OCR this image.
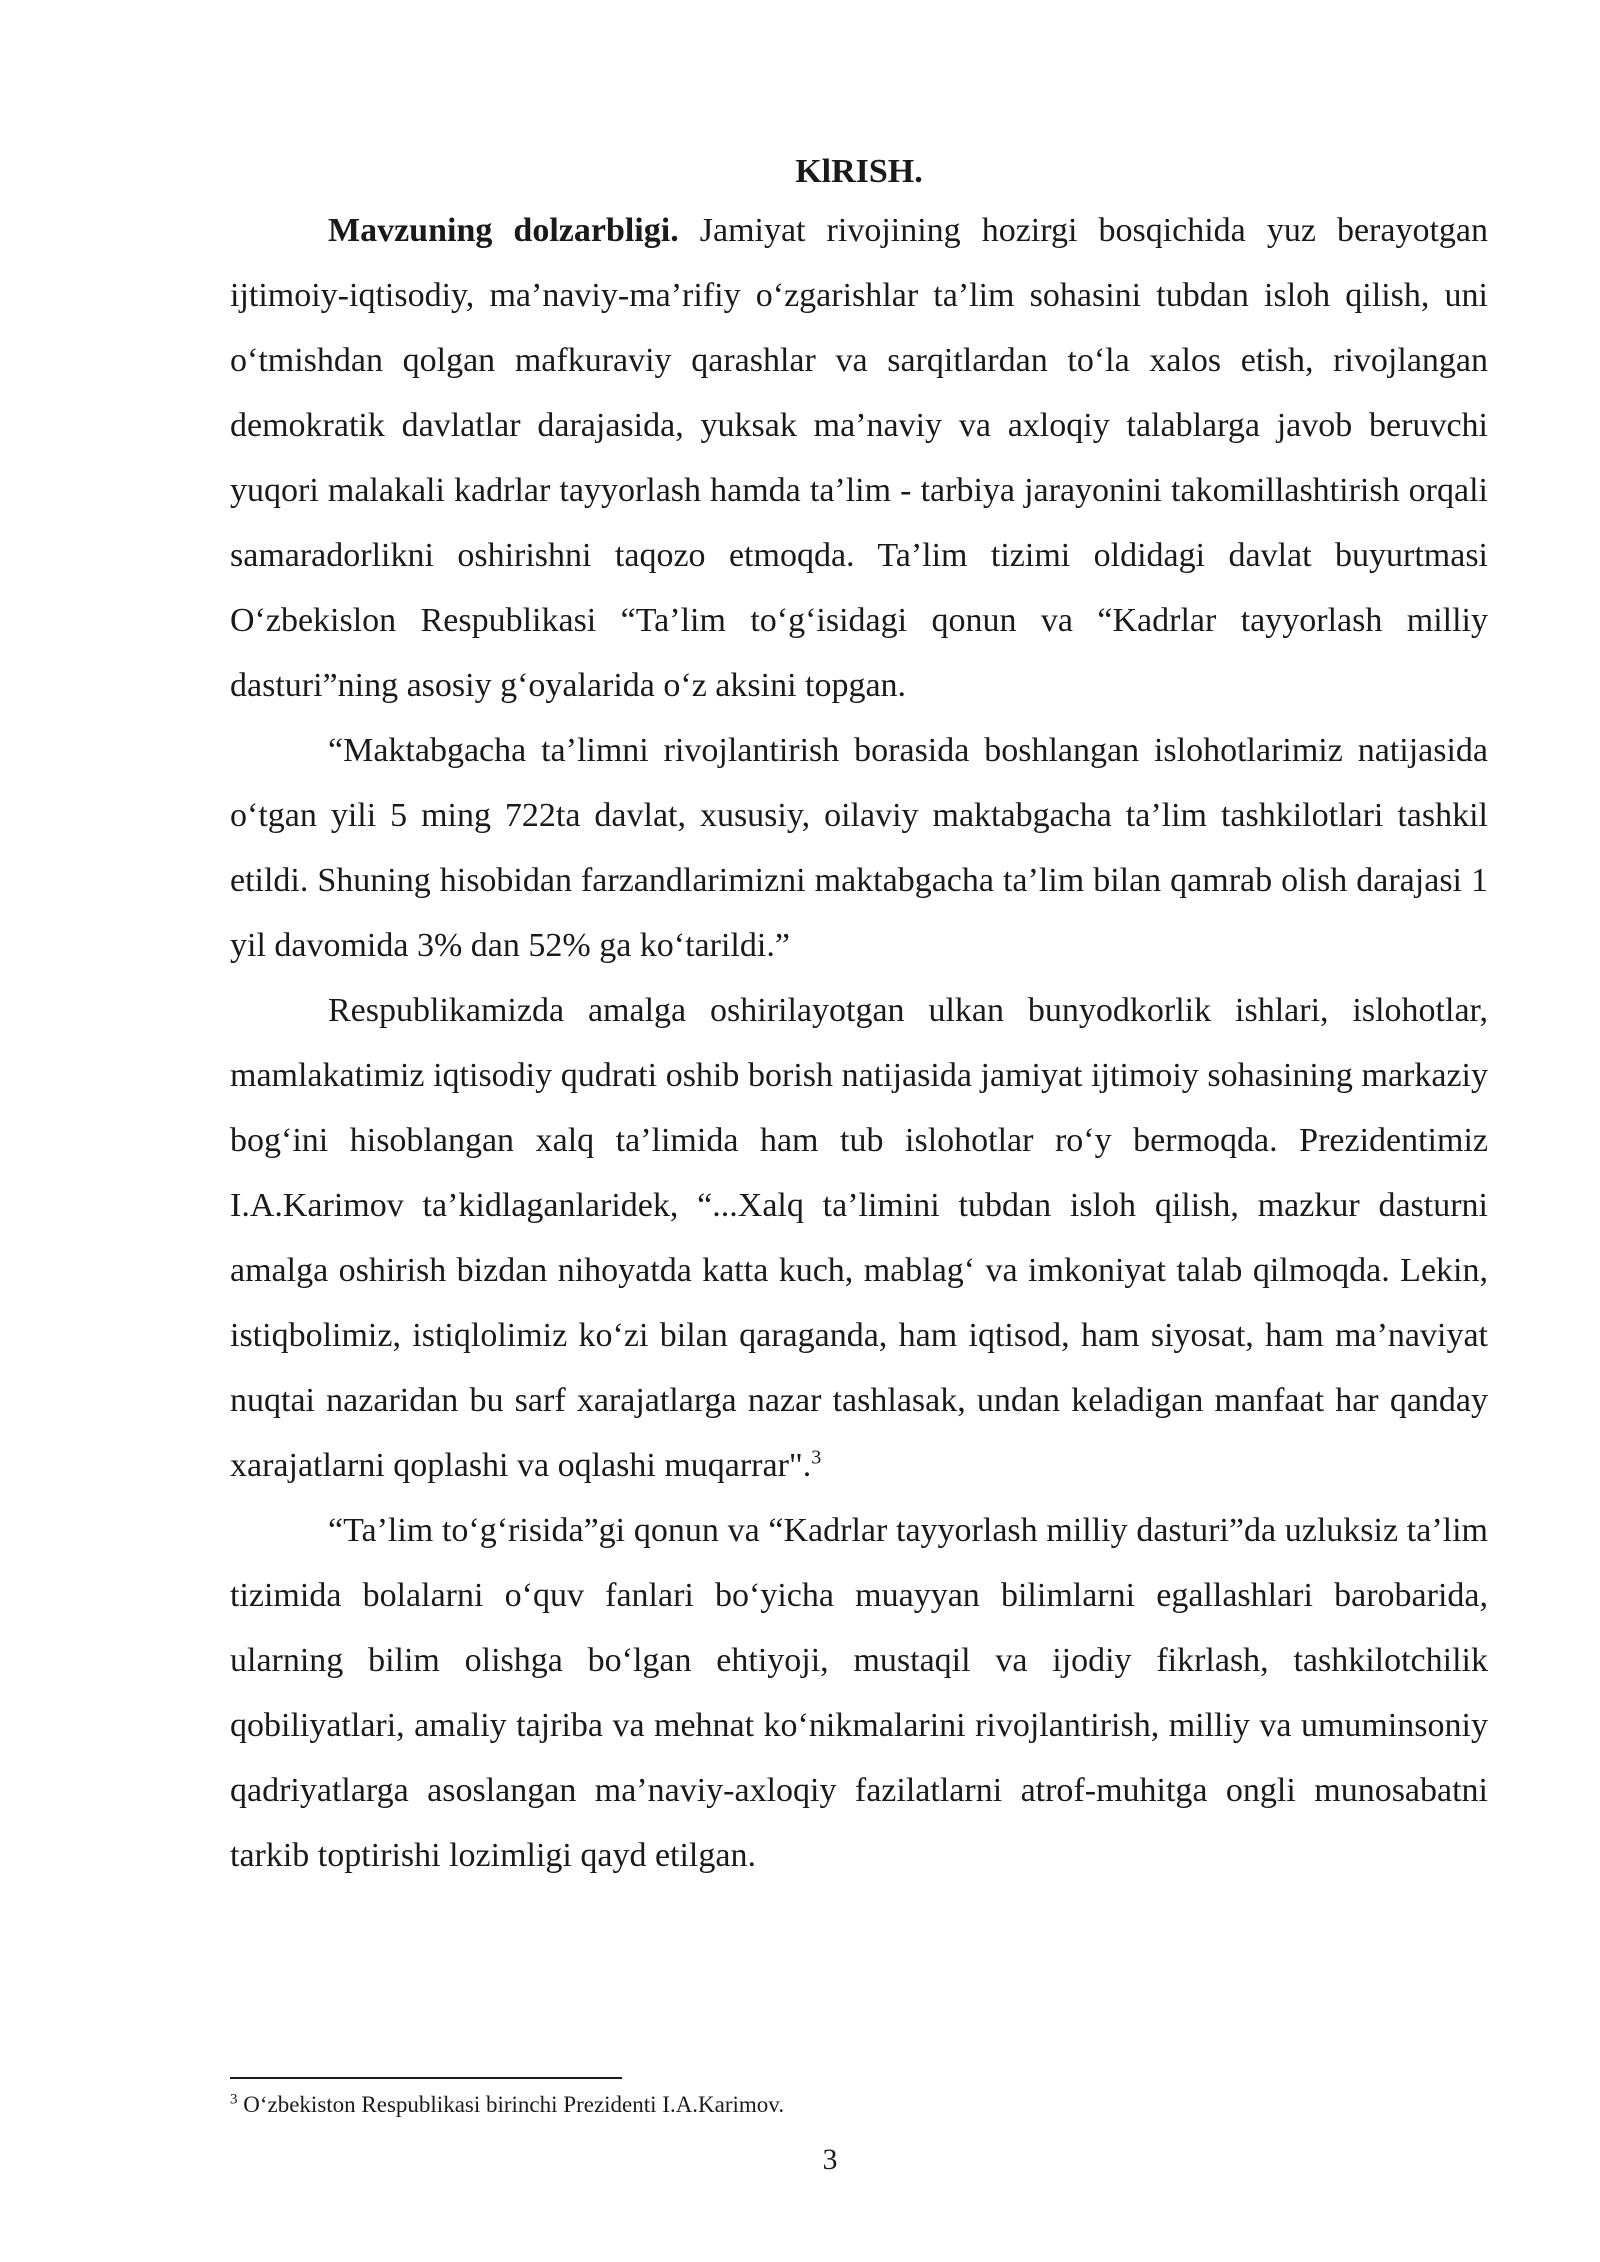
KlRISH.

Mavzuning dolzarbligi. Jamiyat rivojining hozirgi bosqichida yuz berayotgan ijtimoiy-iqtisodiy, ma’naviy-ma’rifiy o‘zgarishlar ta’lim sohasini tubdan isloh qilish, uni o‘tmishdan qolgan mafkuraviy qarashlar va sarqitlardan to‘la xalos etish, rivojlangan demokratik davlatlar darajasida, yuksak ma’naviy va axloqiy talablarga javob beruvchi yuqori malakali kadrlar tayyorlash hamda ta’lim - tarbiya jarayonini takomillashtirish orqali samaradorlikni oshirishni taqozo etmoqda. Ta’lim tizimi oldidagi davlat buyurtmasi O‘zbekislon Respublikasi “Ta’lim to‘g‘isidagi qonun va “Kadrlar tayyorlash milliy dasturi”ning asosiy g‘oyalarida o‘z aksini topgan.

“Maktabgacha ta’limni rivojlantirish borasida boshlangan islohotlarimiz natijasida o‘tgan yili 5 ming 722ta davlat, xususiy, oilaviy maktabgacha ta’lim tashkilotlari tashkil etildi. Shuning hisobidan farzandlarimizni maktabgacha ta’lim bilan qamrab olish darajasi 1 yil davomida 3% dan 52% ga ko‘tarildi.”

Respublikamizda amalga oshirilayotgan ulkan bunyodkorlik ishlari, islohotlar, mamlakatimiz iqtisodiy qudrati oshib borish natijasida jamiyat ijtimoiy sohasining markaziy bog‘ini hisoblangan xalq ta’limida ham tub islohotlar ro‘y bermoqda. Prezidentimiz I.A.Karimov ta’kidlaganlaridek, “...Xalq ta’limini tubdan isloh qilish, mazkur dasturni amalga oshirish bizdan nihoyatda katta kuch, mablag‘ va imkoniyat talab qilmoqda. Lekin, istiqbolimiz, istiqlolimiz ko‘zi bilan qaraganda, ham iqtisod, ham siyosat, ham ma’naviyat nuqtai nazaridan bu sarf xarajatlarga nazar tashlasak, undan keladigan manfaat har qanday xarajatlarni qoplashi va oqlashi muqarrar".$^3$

“Ta’lim to‘g‘risida”gi qonun va “Kadrlar tayyorlash milliy dasturi”da uzluksiz ta’lim tizimida bolalarni o‘quv fanlari bo‘yicha muayyan bilimlarni egallashlari barobarida, ularning bilim olishga bo‘lgan ehtiyoji, mustaqil va ijodiy fikrlash, tashkilotchilik qobiliyatlari, amaliy tajriba va mehnat ko‘nikmalarini rivojlantirish, milliy va umuminsoniy qadriyatlarga asoslangan ma’naviy-axloqiy fazilatlarni atrof-muhitga ongli munosabatni tarkib toptirishi lozimligi qayd etilgan.

$^3$ O‘zbekiston Respublikasi birinchi Prezidenti I.A.Karimov.
3
